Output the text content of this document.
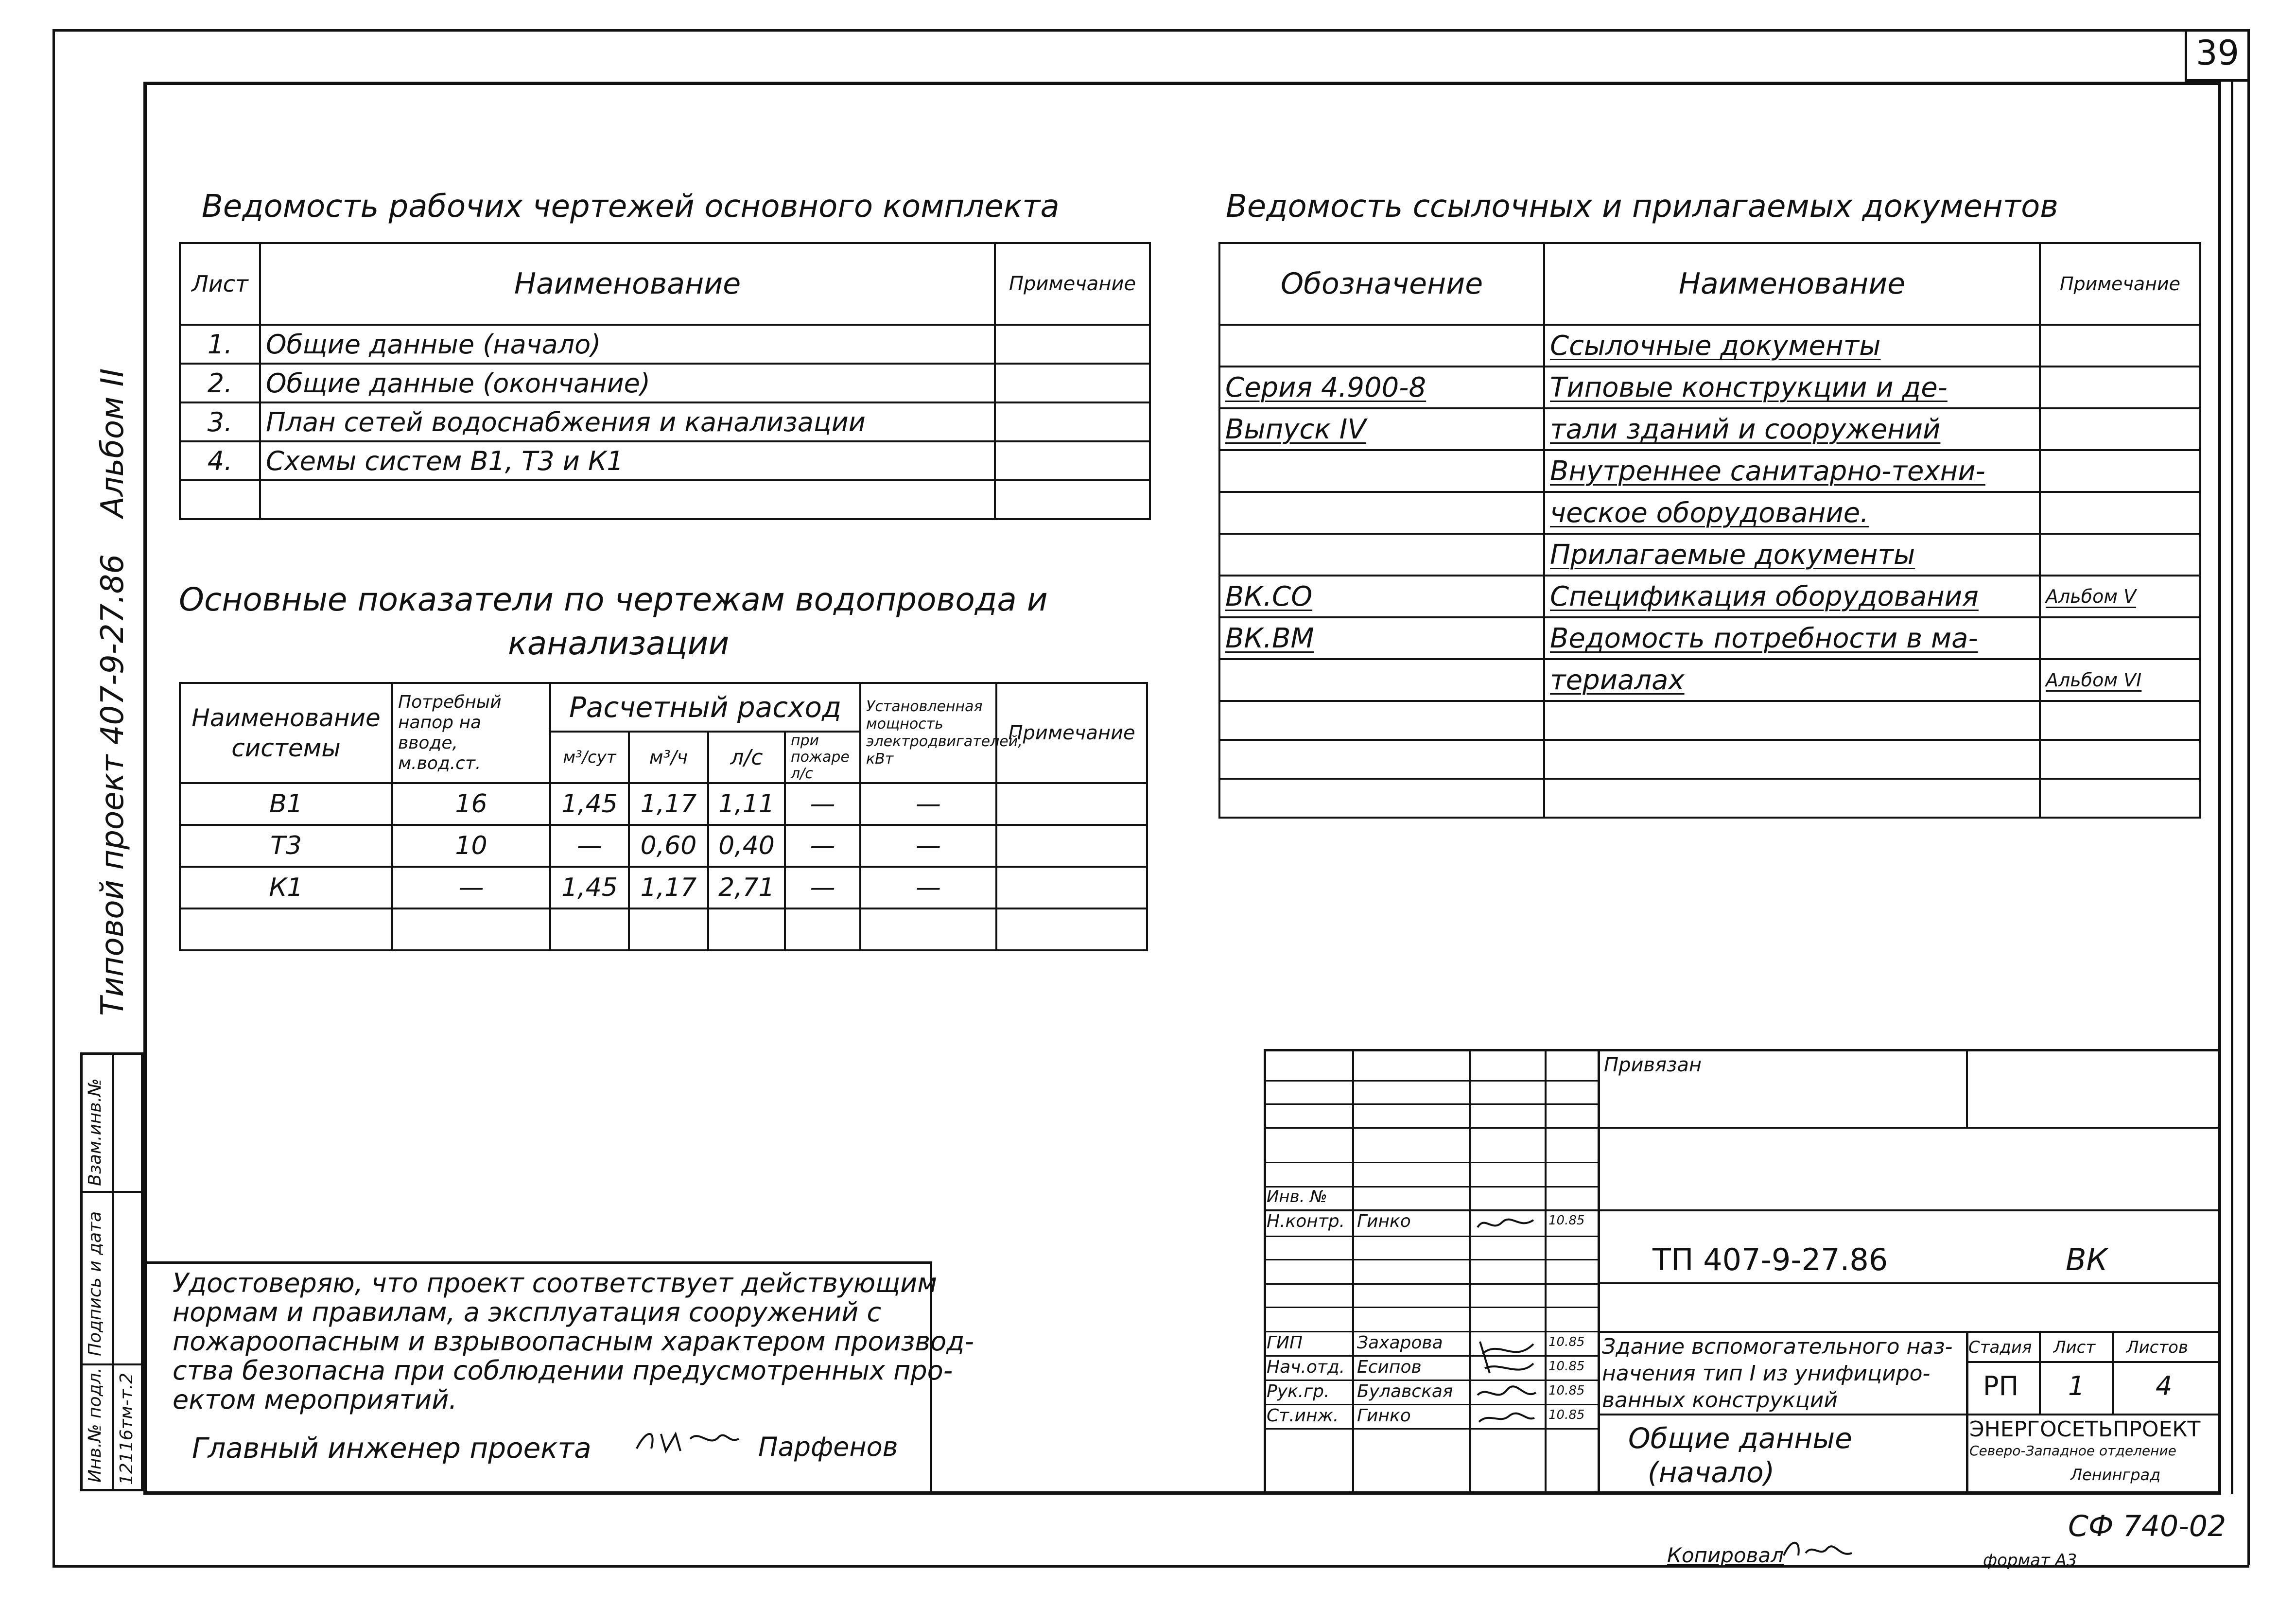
39
Инв.№ подл.
Подпись и дата
Взам.инв.№
12116тм-т.2
Типовой проект 407-9-27.86
Альбом II
Ведомость рабочих чертежей основного комплекта
Лист	Наименование	Примечание
1.	Общие данные (начало)	
2.	Общие данные (окончание)	
3.	План сетей водоснабжения и канализации	
4.	Схемы систем В1, Т3 и К1	

Основные показатели по чертежам водопровода и
канализации
Наименование системы	Потребный напор на вводе, м.вод.ст.	Расчетный расход				Установленная мощность электродвигателей, кВт	Примечание
		м³/сут	м³/ч	л/с	при пожаре л/с		
В1	16	1,45	1,17	1,11	—	—	
Т3	10	—	0,60	0,40	—	—	
К1	—	1,45	1,17	2,71	—	—	

Ведомость ссылочных и прилагаемых документов
Обозначение	Наименование	Примечание
	Ссылочные документы	
Серия 4.900-8	Типовые конструкции и де-	
Выпуск IV	тали зданий и сооружений	
	Внутреннее санитарно-техни-	
	ческое оборудование.	
	Прилагаемые документы	
ВК.СО	Спецификация оборудования	Альбом V
ВК.ВМ	Ведомость потребности в ма-	
	териалах	Альбом VI

Удостоверяю, что проект соответствует действующим
нормам и правилам, а эксплуатация сооружений с
пожароопасным и взрывоопасным характером производ-
ства безопасна при соблюдении предусмотренных про-
ектом мероприятий.
Главный инженер проекта	Парфенов
Привязан
Инв. №
ТП 407-9-27.86	ВК
Здание вспомогательного наз-
начения тип I из унифициро-
ванных конструкций
Общие данные
(начало)
Стадия Лист Листов
РП 1	4
ЭНЕРГОСЕТЬПРОЕКТ
Северо-Западное отделение
Ленинград
Н.контр. Гинко	10.85
ГИП	Захарова	10.85
Нач.отд. Есипов	10.85
Рук.гр. Булавская	10.85
Ст.инж. Гинко	10.85
СФ 740-02
Копировал	формат А3
